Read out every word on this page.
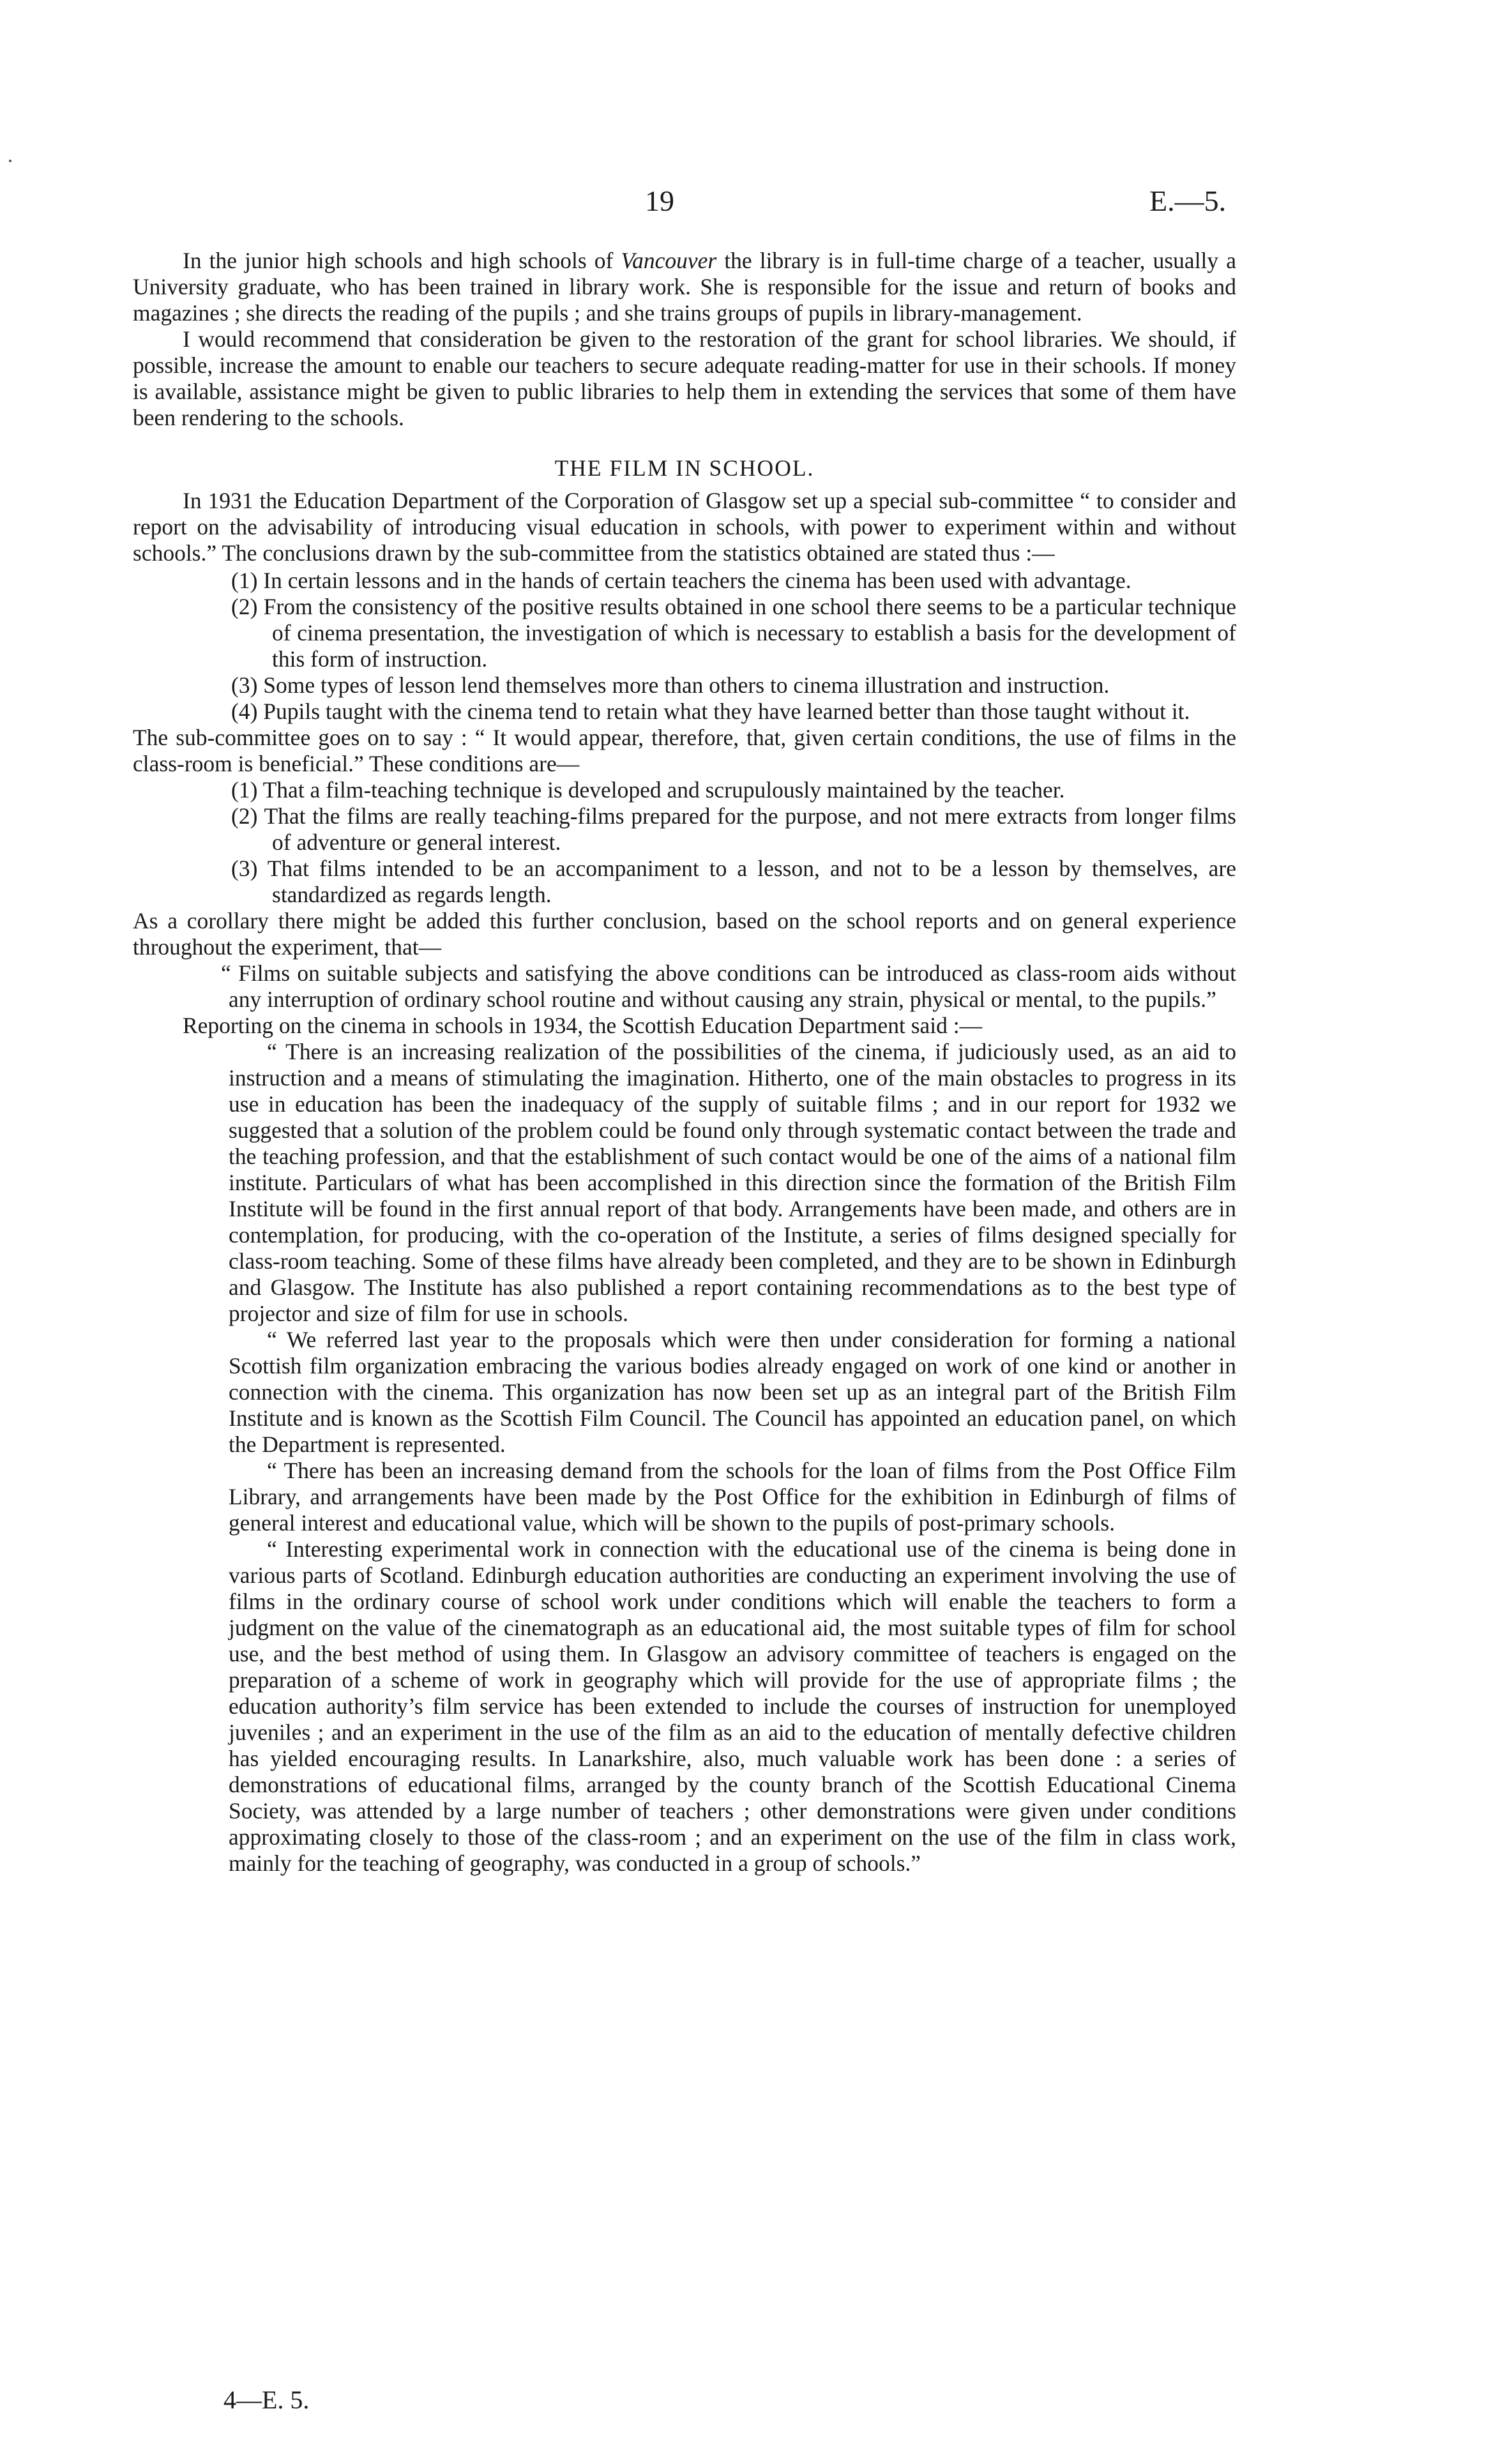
19	E.—5.

In the junior high schools and high schools of Vancouver the library is in full-time charge of a teacher, usually a University graduate, who has been trained in library work. She is responsible for the issue and return of books and magazines ; she directs the reading of the pupils ; and she trains groups of pupils in library-management.

I would recommend that consideration be given to the restoration of the grant for school libraries. We should, if possible, increase the amount to enable our teachers to secure adequate reading-matter for use in their schools. If money is available, assistance might be given to public libraries to help them in extending the services that some of them have been rendering to the schools.

THE FILM IN SCHOOL.

In 1931 the Education Department of the Corporation of Glasgow set up a special sub-committee “ to consider and report on the advisability of introducing visual education in schools, with power to experiment within and without schools.” The conclusions drawn by the sub-committee from the statistics obtained are stated thus :—

(1) In certain lessons and in the hands of certain teachers the cinema has been used with advantage.

(2) From the consistency of the positive results obtained in one school there seems to be a particular technique of cinema presentation, the investigation of which is necessary to establish a basis for the development of this form of instruction.

(3) Some types of lesson lend themselves more than others to cinema illustration and instruction.

(4) Pupils taught with the cinema tend to retain what they have learned better than those taught without it.

The sub-committee goes on to say : “ It would appear, therefore, that, given certain conditions, the use of films in the class-room is beneficial.” These conditions are—

(1) That a film-teaching technique is developed and scrupulously maintained by the teacher.

(2) That the films are really teaching-films prepared for the purpose, and not mere extracts from longer films of adventure or general interest.

(3) That films intended to be an accompaniment to a lesson, and not to be a lesson by themselves, are standardized as regards length.

As a corollary there might be added this further conclusion, based on the school reports and on general experience throughout the experiment, that—

“ Films on suitable subjects and satisfying the above conditions can be introduced as class-room aids without any interruption of ordinary school routine and without causing any strain, physical or mental, to the pupils.”

Reporting on the cinema in schools in 1934, the Scottish Education Department said :—

“ There is an increasing realization of the possibilities of the cinema, if judiciously used, as an aid to instruction and a means of stimulating the imagination. Hitherto, one of the main obstacles to progress in its use in education has been the inadequacy of the supply of suitable films ; and in our report for 1932 we suggested that a solution of the problem could be found only through systematic contact between the trade and the teaching profession, and that the establishment of such contact would be one of the aims of a national film institute. Particulars of what has been accomplished in this direction since the formation of the British Film Institute will be found in the first annual report of that body. Arrangements have been made, and others are in contemplation, for producing, with the co-operation of the Institute, a series of films designed specially for class-room teaching. Some of these films have already been completed, and they are to be shown in Edinburgh and Glasgow. The Institute has also published a report containing recommendations as to the best type of projector and size of film for use in schools.

“ We referred last year to the proposals which were then under consideration for forming a national Scottish film organization embracing the various bodies already engaged on work of one kind or another in connection with the cinema. This organization has now been set up as an integral part of the British Film Institute and is known as the Scottish Film Council. The Council has appointed an education panel, on which the Department is represented.

“ There has been an increasing demand from the schools for the loan of films from the Post Office Film Library, and arrangements have been made by the Post Office for the exhibition in Edinburgh of films of general interest and educational value, which will be shown to the pupils of post-primary schools.

“ Interesting experimental work in connection with the educational use of the cinema is being done in various parts of Scotland. Edinburgh education authorities are conducting an experiment involving the use of films in the ordinary course of school work under conditions which will enable the teachers to form a judgment on the value of the cinematograph as an educational aid, the most suitable types of film for school use, and the best method of using them. In Glasgow an advisory committee of teachers is engaged on the preparation of a scheme of work in geography which will provide for the use of appropriate films ; the education authority’s film service has been extended to include the courses of instruction for unemployed juveniles ; and an experiment in the use of the film as an aid to the education of mentally defective children has yielded encouraging results. In Lanarkshire, also, much valuable work has been done : a series of demonstrations of educational films, arranged by the county branch of the Scottish Educational Cinema Society, was attended by a large number of teachers ; other demonstrations were given under conditions approximating closely to those of the class-room ; and an experiment on the use of the film in class work, mainly for the teaching of geography, was conducted in a group of schools.”

4—E. 5.
